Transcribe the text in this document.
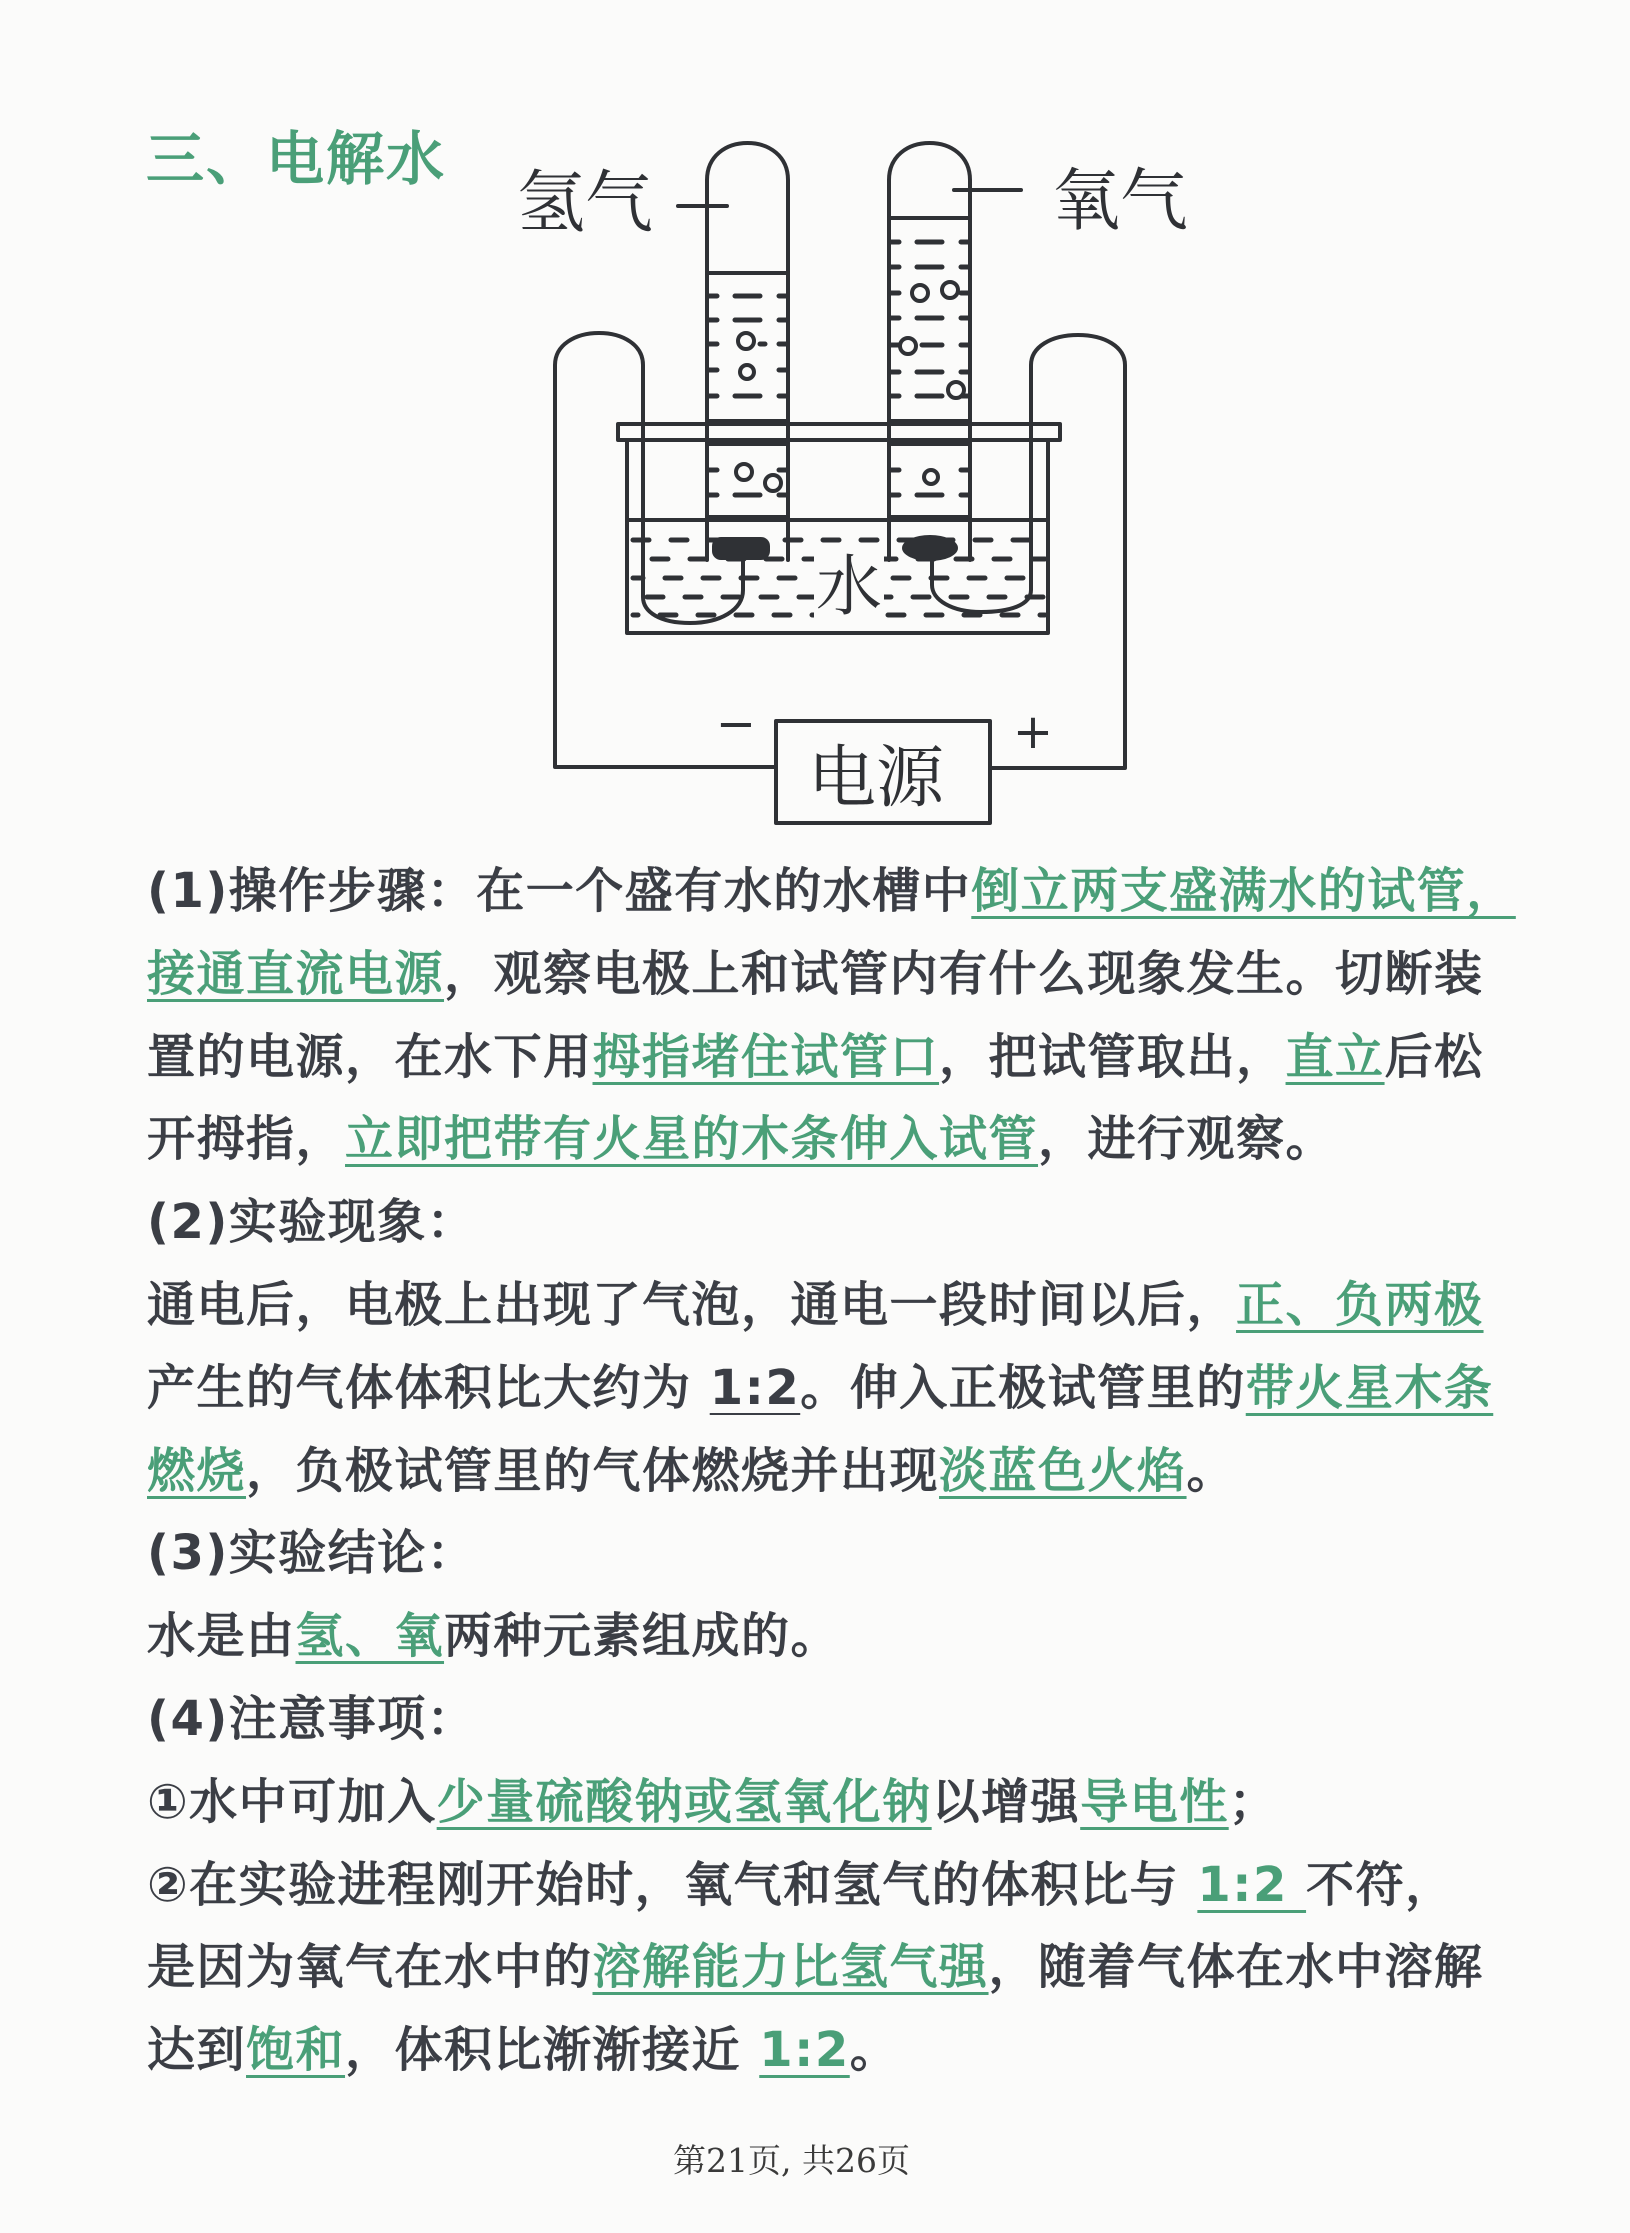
三、电解水
水
电源
−	+
氢气	氧气
(1)操作步骤： 在一个盛有水的水槽中 倒立两支盛满水的试管，
接通直流电源 ，观察电极上和试管内有什么现象发生。切断装
置的电源，在水下用 拇指堵住试管口 ，把试管取出， 直立 后松
开拇指， 立即把带有火星的木条伸入试管 ，进行观察。
(2)实验现象：
通电后，电极上出现了气泡，通电一段时间以后， 正、负两极
产生的气体体积比大约为 1:2 。伸入正极试管里的 带火星木条
燃烧 ，负极试管里的气体燃烧并出现 淡蓝色火焰 。
(3)实验结论：
水是由 氢、氧 两种元素组成的。
(4)注意事项：
①水中可加入 少量硫酸钠或氢氧化钠 以增强 导电性 ；
②在实验进程刚开始时，氧气和氢气的体积比与 1:2 不符，
是因为氧气在水中的 溶解能力比氢气强 ，随着气体在水中溶解
达到 饱和 ，体积比渐渐接近 1:2 。
第21页, 共26页
